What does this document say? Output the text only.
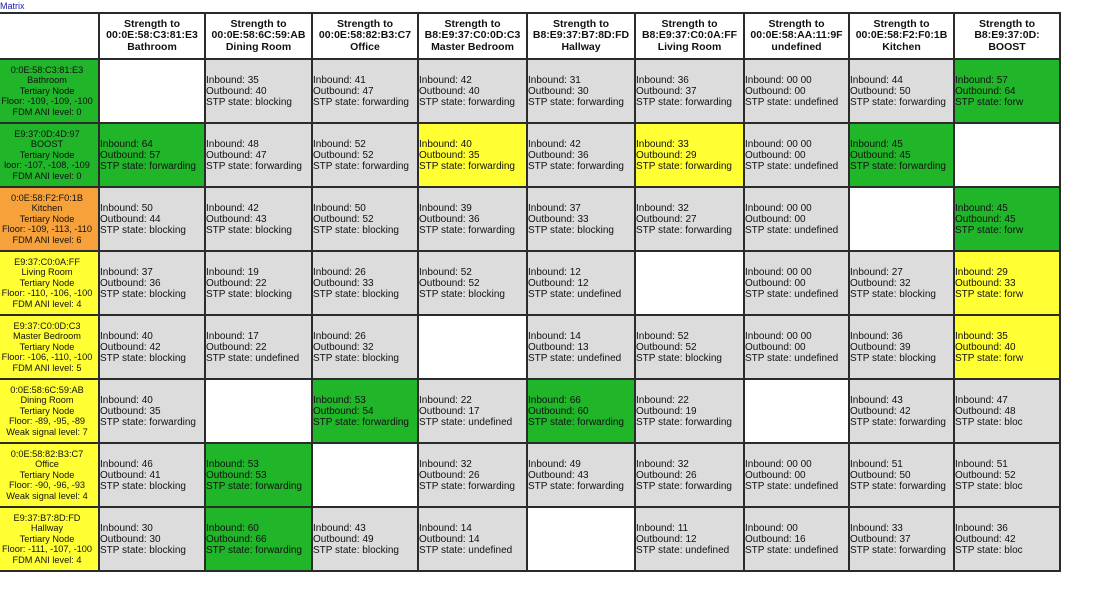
Matrix

	Strength to
00:0E:58:C3:81:E3
Bathroom	Strength to
00:0E:58:6C:59:AB
Dining Room	Strength to
00:0E:58:82:B3:C7
Office	Strength to
B8:E9:37:C0:0D:C3
Master Bedroom	Strength to
B8:E9:37:B7:8D:FD
Hallway	Strength to
B8:E9:37:C0:0A:FF
Living Room	Strength to
00:0E:58:AA:11:9F
undefined	Strength to
00:0E:58:F2:F0:1B
Kitchen	Strength to
B8:E9:37:0D:
BOOST

0:0E:58:C3:81:E3
Bathroom
Tertiary Node
Floor: -109, -109, -100
FDM ANI level: 0		Inbound: 35
Outbound: 40
STP state: blocking	Inbound: 41
Outbound: 47
STP state: forwarding	Inbound: 42
Outbound: 40
STP state: forwarding	Inbound: 31
Outbound: 30
STP state: forwarding	Inbound: 36
Outbound: 37
STP state: forwarding	Inbound: 00 00
Outbound: 00
STP state: undefined	Inbound: 44
Outbound: 50
STP state: forwarding	Inbound: 57
Outbound: 64
STP state: forw

E9:37:0D:4D:97
BOOST
Tertiary Node
loor: -107, -108, -109
FDM ANI level: 0	Inbound: 64
Outbound: 57
STP state: forwarding	Inbound: 48
Outbound: 47
STP state: forwarding	Inbound: 52
Outbound: 52
STP state: forwarding	Inbound: 40
Outbound: 35
STP state: forwarding	Inbound: 42
Outbound: 36
STP state: forwarding	Inbound: 33
Outbound: 29
STP state: forwarding	Inbound: 00 00
Outbound: 00
STP state: undefined	Inbound: 45
Outbound: 45
STP state: forwarding	

0:0E:58:F2:F0:1B
Kitchen
Tertiary Node
Floor: -109, -113, -110
FDM ANI level: 6	Inbound: 50
Outbound: 44
STP state: blocking	Inbound: 42
Outbound: 43
STP state: blocking	Inbound: 50
Outbound: 52
STP state: blocking	Inbound: 39
Outbound: 36
STP state: forwarding	Inbound: 37
Outbound: 33
STP state: blocking	Inbound: 32
Outbound: 27
STP state: forwarding	Inbound: 00 00
Outbound: 00
STP state: undefined		Inbound: 45
Outbound: 45
STP state: forw

E9:37:C0:0A:FF
Living Room
Tertiary Node
Floor: -110, -106, -100
FDM ANI level: 4	Inbound: 37
Outbound: 36
STP state: blocking	Inbound: 19
Outbound: 22
STP state: blocking	Inbound: 26
Outbound: 33
STP state: blocking	Inbound: 52
Outbound: 52
STP state: blocking	Inbound: 12
Outbound: 12
STP state: undefined		Inbound: 00 00
Outbound: 00
STP state: undefined	Inbound: 27
Outbound: 32
STP state: blocking	Inbound: 29
Outbound: 33
STP state: forw

E9:37:C0:0D:C3
Master Bedroom
Tertiary Node
Floor: -106, -110, -100
FDM ANI level: 5	Inbound: 40
Outbound: 42
STP state: blocking	Inbound: 17
Outbound: 22
STP state: undefined	Inbound: 26
Outbound: 32
STP state: blocking		Inbound: 14
Outbound: 13
STP state: undefined	Inbound: 52
Outbound: 52
STP state: blocking	Inbound: 00 00
Outbound: 00
STP state: undefined	Inbound: 36
Outbound: 39
STP state: blocking	Inbound: 35
Outbound: 40
STP state: forw

0:0E:58:6C:59:AB
Dining Room
Tertiary Node
Floor: -89, -95, -89
Weak signal level: 7	Inbound: 40
Outbound: 35
STP state: forwarding		Inbound: 53
Outbound: 54
STP state: forwarding	Inbound: 22
Outbound: 17
STP state: undefined	Inbound: 66
Outbound: 60
STP state: forwarding	Inbound: 22
Outbound: 19
STP state: forwarding		Inbound: 43
Outbound: 42
STP state: forwarding	Inbound: 47
Outbound: 48
STP state: bloc

0:0E:58:82:B3:C7
Office
Tertiary Node
Floor: -90, -96, -93
Weak signal level: 4	Inbound: 46
Outbound: 41
STP state: blocking	Inbound: 53
Outbound: 53
STP state: forwarding		Inbound: 32
Outbound: 26
STP state: forwarding	Inbound: 49
Outbound: 43
STP state: forwarding	Inbound: 32
Outbound: 26
STP state: forwarding	Inbound: 00 00
Outbound: 00
STP state: undefined	Inbound: 51
Outbound: 50
STP state: forwarding	Inbound: 51
Outbound: 52
STP state: bloc

E9:37:B7:8D:FD
Hallway
Tertiary Node
Floor: -111, -107, -100
FDM ANI level: 4	Inbound: 30
Outbound: 30
STP state: blocking	Inbound: 60
Outbound: 66
STP state: forwarding	Inbound: 43
Outbound: 49
STP state: blocking	Inbound: 14
Outbound: 14
STP state: undefined		Inbound: 11
Outbound: 12
STP state: undefined	Inbound: 00
Outbound: 16
STP state: undefined	Inbound: 33
Outbound: 37
STP state: forwarding	Inbound: 36
Outbound: 42
STP state: bloc
